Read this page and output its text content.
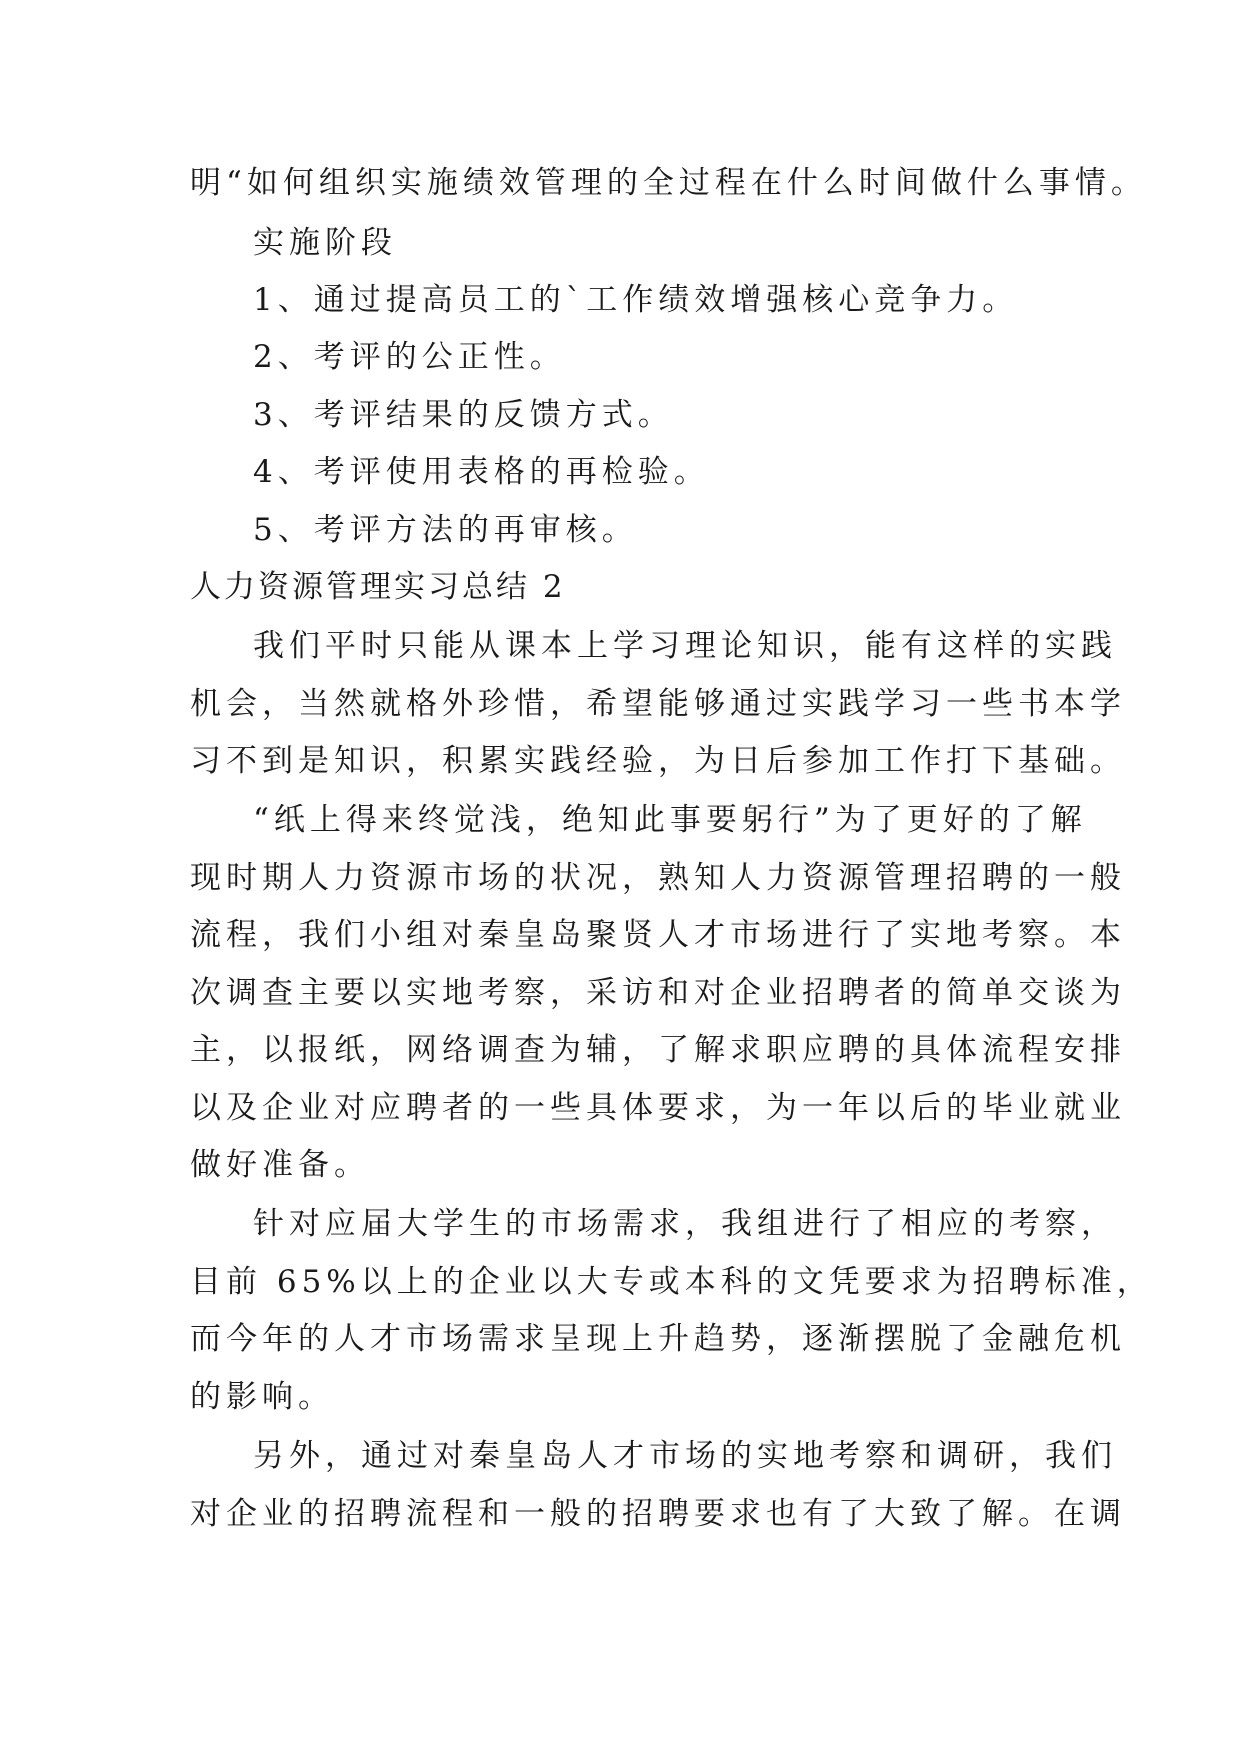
明“如何组织实施绩效管理的全过程在什么时间做什么事情。
实施阶段
1、通过提高员工的`工作绩效增强核心竞争力。
2、考评的公正性。
3、考评结果的反馈方式。
4、考评使用表格的再检验。
5、考评方法的再审核。
人力资源管理实习总结 2
我们平时只能从课本上学习理论知识，能有这样的实践
机会，当然就格外珍惜，希望能够通过实践学习一些书本学
习不到是知识，积累实践经验，为日后参加工作打下基础。
“纸上得来终觉浅，绝知此事要躬行”为了更好的了解
现时期人力资源市场的状况，熟知人力资源管理招聘的一般
流程，我们小组对秦皇岛聚贤人才市场进行了实地考察。本
次调查主要以实地考察，采访和对企业招聘者的简单交谈为
主，以报纸，网络调查为辅，了解求职应聘的具体流程安排
以及企业对应聘者的一些具体要求，为一年以后的毕业就业
做好准备。
针对应届大学生的市场需求，我组进行了相应的考察，
目前 65%以上的企业以大专或本科的文凭要求为招聘标准，
而今年的人才市场需求呈现上升趋势，逐渐摆脱了金融危机
的影响。
另外，通过对秦皇岛人才市场的实地考察和调研，我们
对企业的招聘流程和一般的招聘要求也有了大致了解。在调
